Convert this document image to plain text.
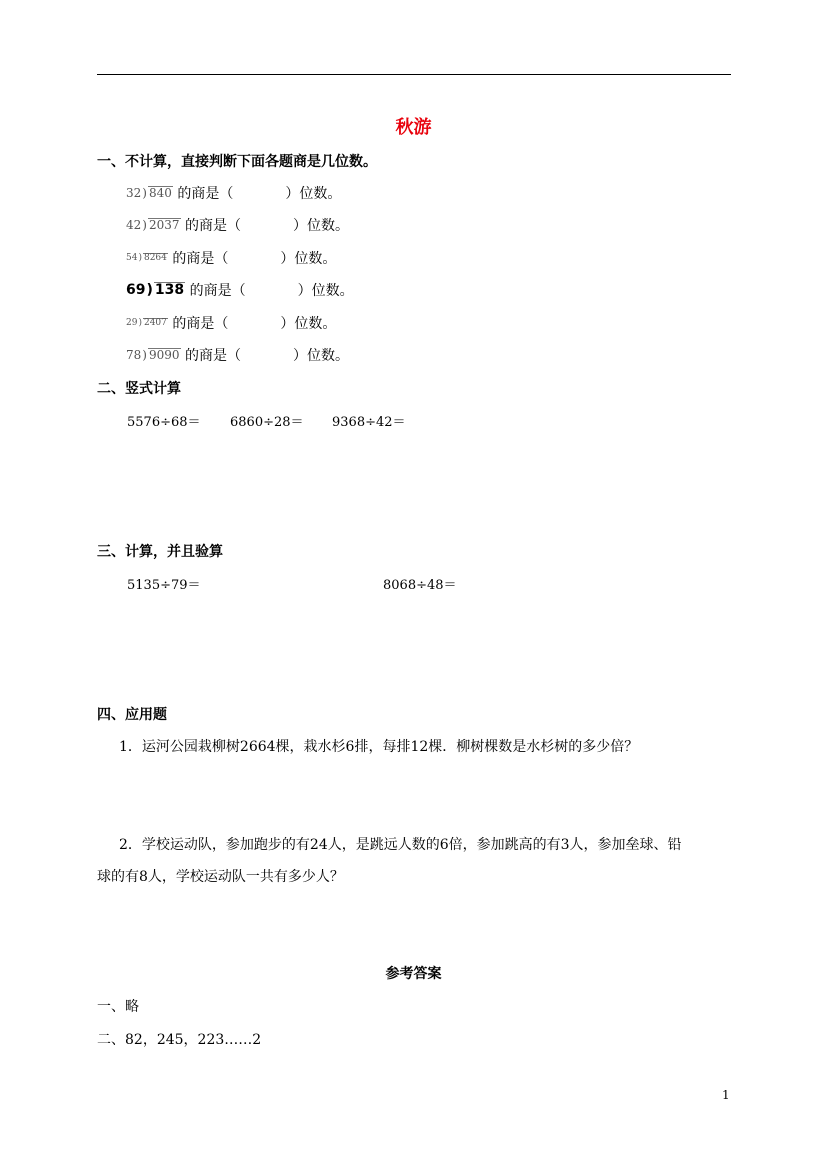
秋游
一、不计算，直接判断下面各题商是几位数。
32) 840 的商是（	）位数。
42) 2037 的商是（	）位数。
54) 8264 的商是（	）位数。
69) 138 的商是（	）位数。
29) 2407 的商是（	）位数。
78) 9090 的商是（	）位数。
二、竖式计算
5576÷68＝ 6860÷28＝ 9368÷42＝
三、计算，并且验算
5135÷79＝	8068÷48＝
四、应用题
1．运河公园栽柳树2664棵，栽水杉6排，每排12棵．柳树棵数是水杉树的多少倍？
2．学校运动队，参加跑步的有24人，是跳远人数的6倍，参加跳高的有3人，参加垒球、铅
球的有8人，学校运动队一共有多少人？
参考答案
一、略
二、82，245，223……2
1
